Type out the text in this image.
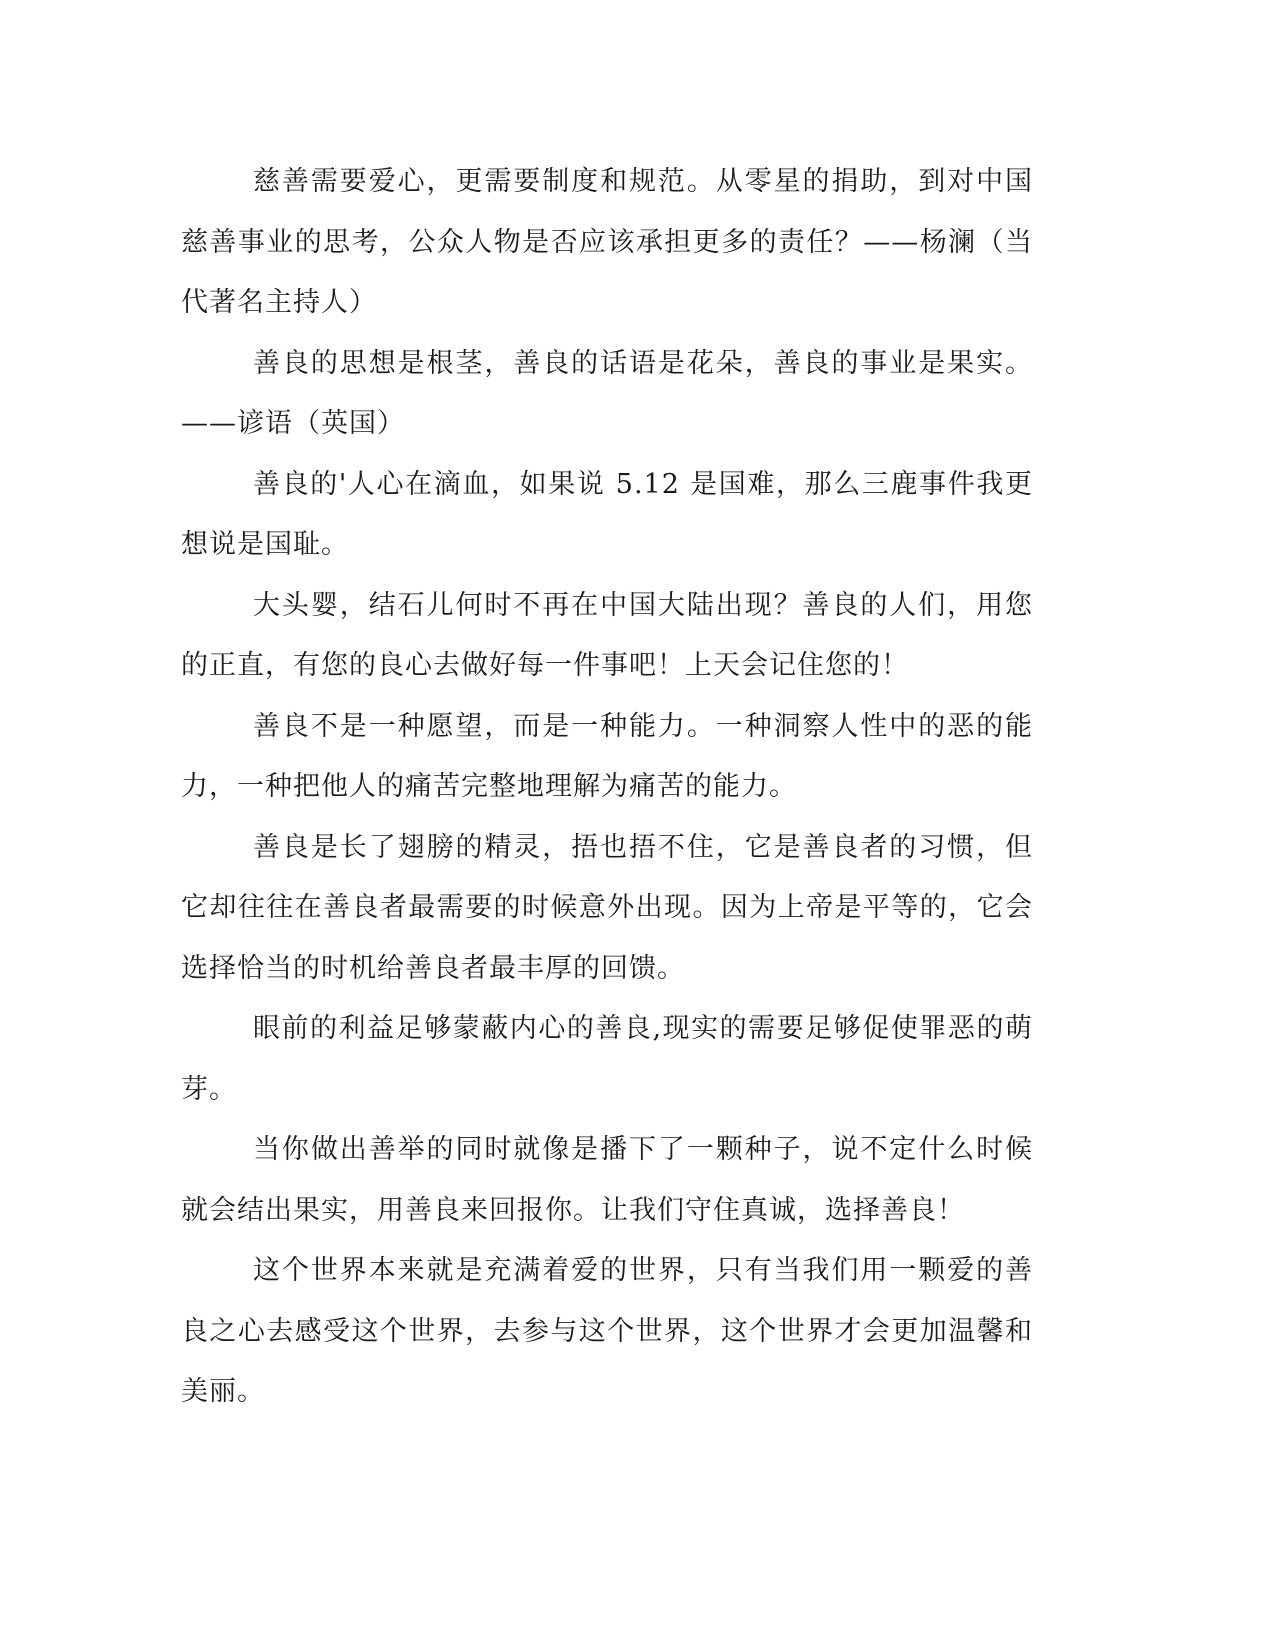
慈善需要爱心，更需要制度和规范。从零星的捐助，到对中国慈善事业的思考，公众人物是否应该承担更多的责任？——杨澜（当代著名主持人）

善良的思想是根茎，善良的话语是花朵，善良的事业是果实。——谚语（英国）

善良的'人心在滴血，如果说 5.12 是国难，那么三鹿事件我更想说是国耻。

大头婴，结石儿何时不再在中国大陆出现？善良的人们，用您的正直，有您的良心去做好每一件事吧！上天会记住您的！

善良不是一种愿望，而是一种能力。一种洞察人性中的恶的能力，一种把他人的痛苦完整地理解为痛苦的能力。

善良是长了翅膀的精灵，捂也捂不住，它是善良者的习惯，但它却往往在善良者最需要的时候意外出现。因为上帝是平等的，它会选择恰当的时机给善良者最丰厚的回馈。

眼前的利益足够蒙蔽内心的善良,现实的需要足够促使罪恶的萌芽。

当你做出善举的同时就像是播下了一颗种子，说不定什么时候就会结出果实，用善良来回报你。让我们守住真诚，选择善良！

这个世界本来就是充满着爱的世界，只有当我们用一颗爱的善良之心去感受这个世界，去参与这个世界，这个世界才会更加温馨和美丽。
